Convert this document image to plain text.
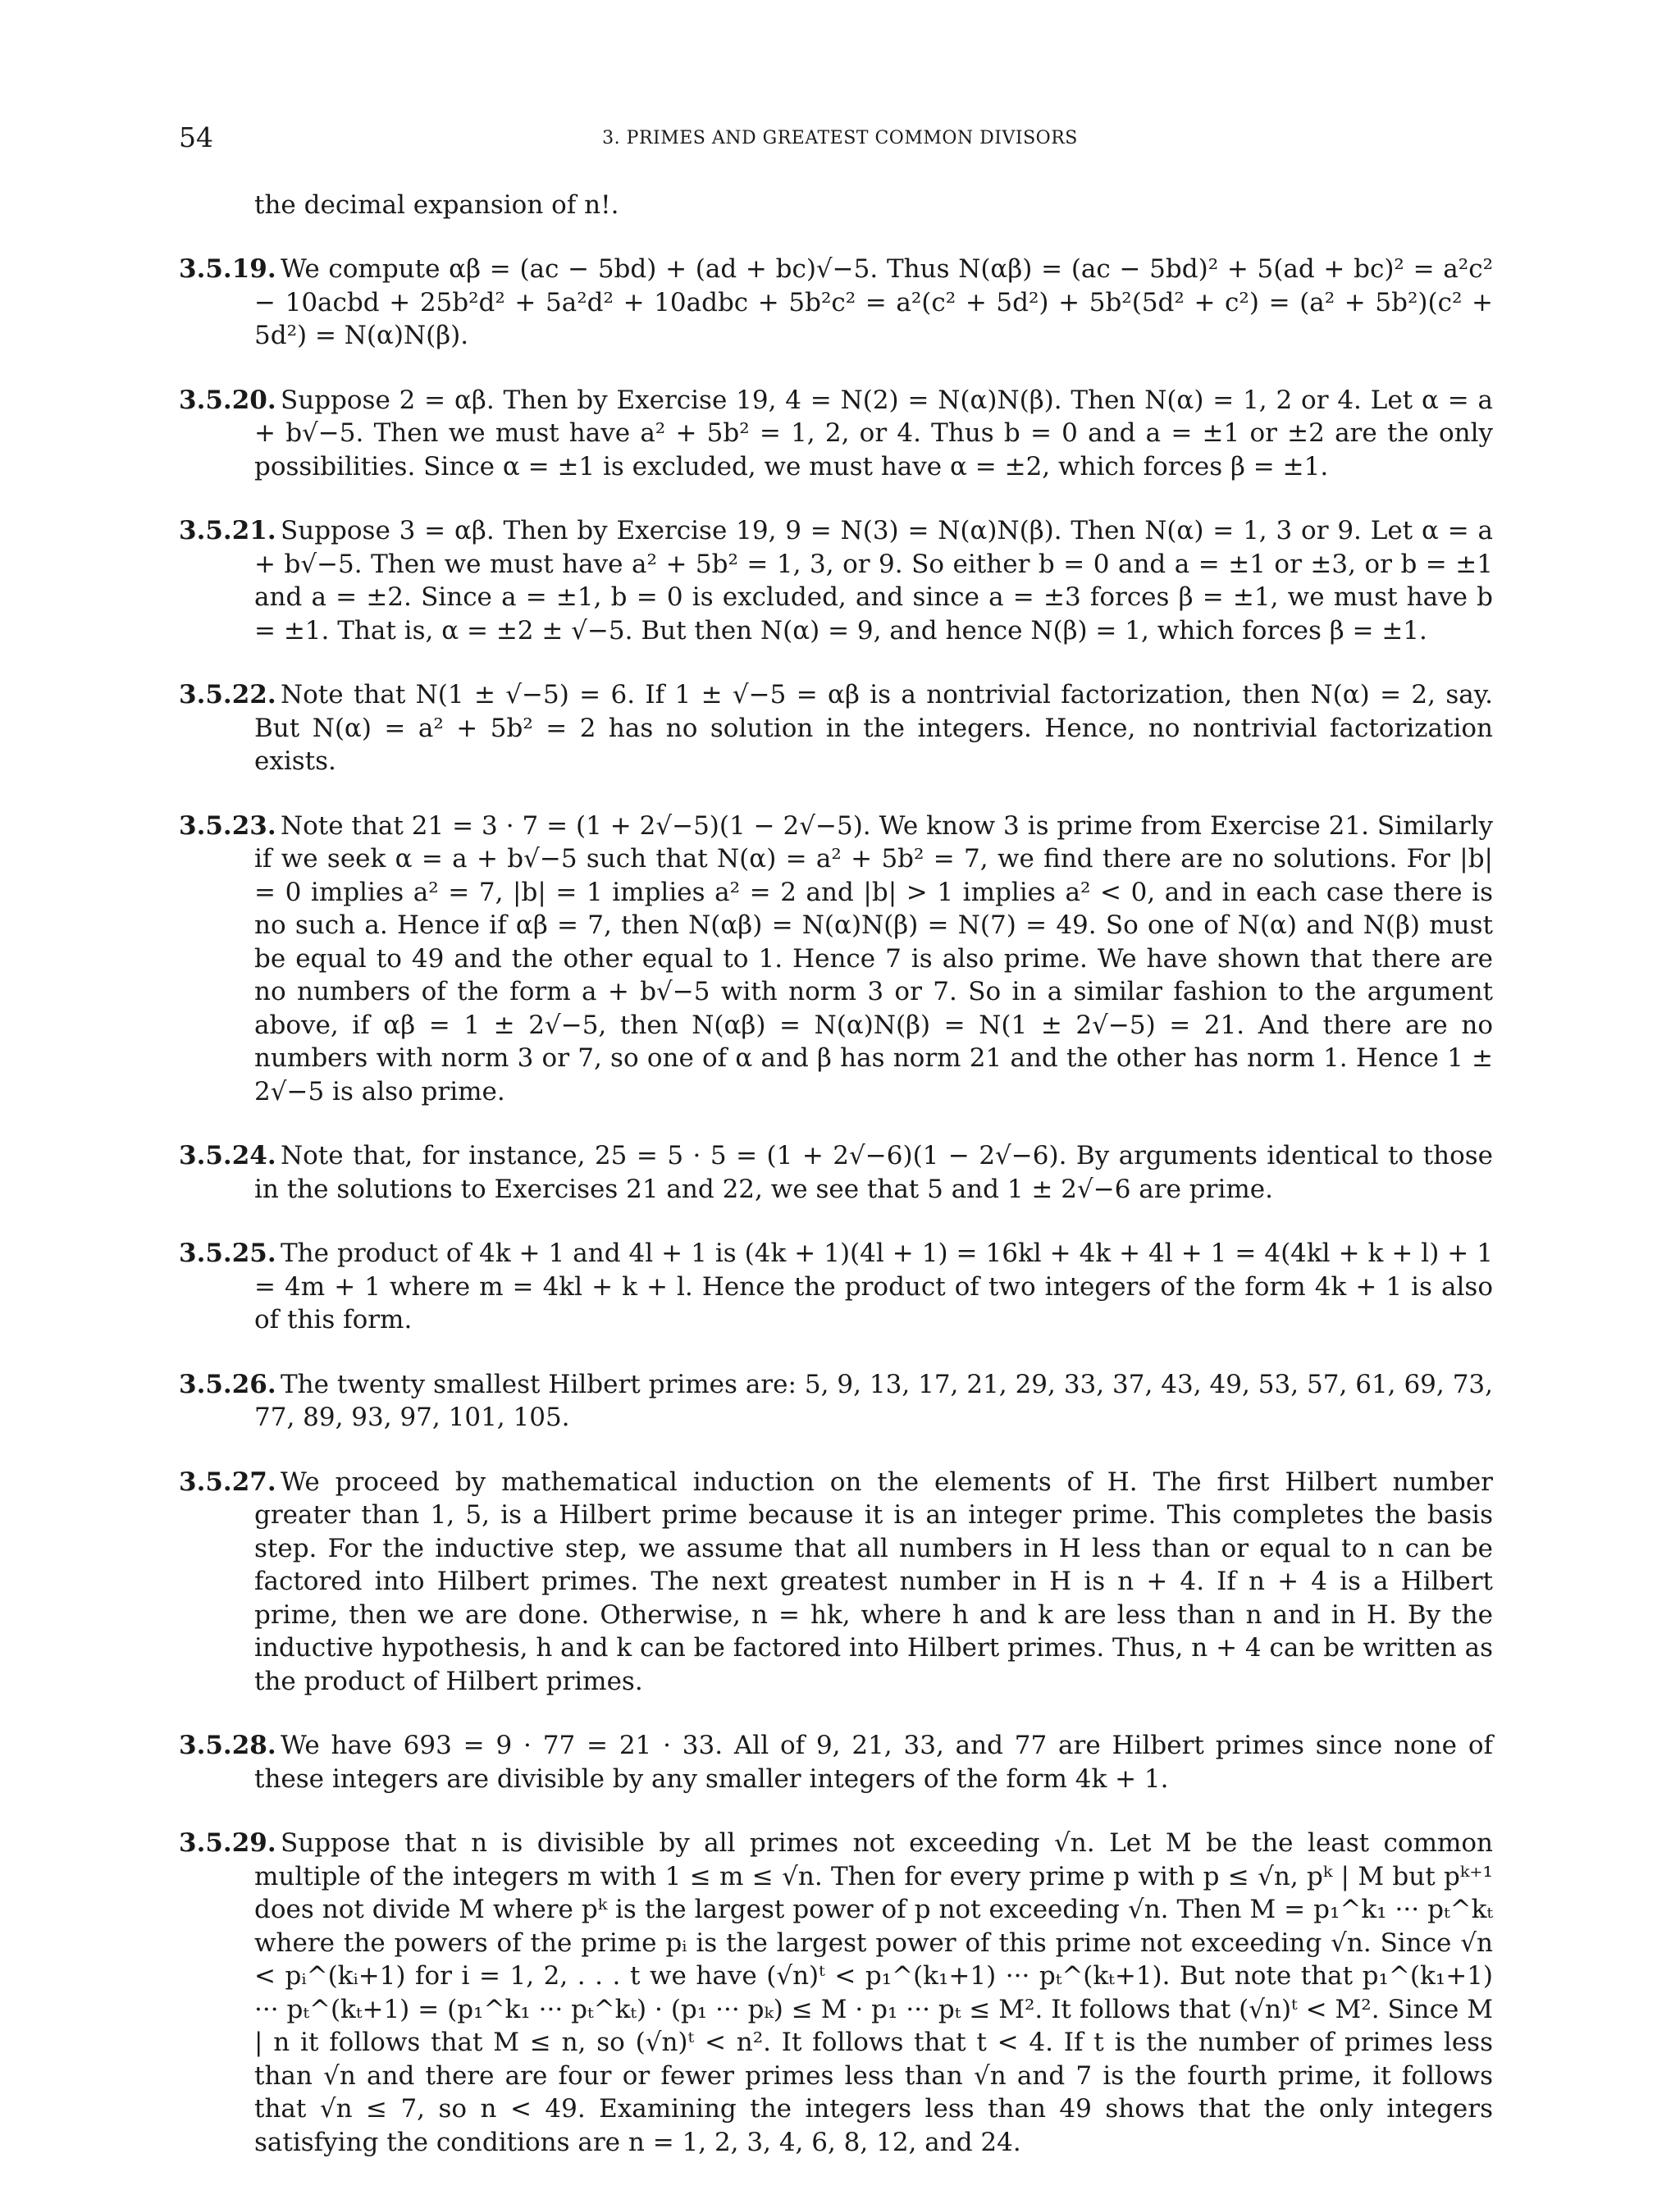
54	3. PRIMES AND GREATEST COMMON DIVISORS
the decimal expansion of n!.
3.5.19. We compute αβ = (ac − 5bd) + (ad + bc)√−5. Thus N(αβ) = (ac − 5bd)² + 5(ad + bc)² = a²c² − 10acbd + 25b²d² + 5a²d² + 10adbc + 5b²c² = a²(c² + 5d²) + 5b²(5d² + c²) = (a² + 5b²)(c² + 5d²) = N(α)N(β).
3.5.20. Suppose 2 = αβ. Then by Exercise 19, 4 = N(2) = N(α)N(β). Then N(α) = 1, 2 or 4. Let α = a + b√−5. Then we must have a² + 5b² = 1, 2, or 4. Thus b = 0 and a = ±1 or ±2 are the only possibilities. Since α = ±1 is excluded, we must have α = ±2, which forces β = ±1.
3.5.21. Suppose 3 = αβ. Then by Exercise 19, 9 = N(3) = N(α)N(β). Then N(α) = 1, 3 or 9. Let α = a + b√−5. Then we must have a² + 5b² = 1, 3, or 9. So either b = 0 and a = ±1 or ±3, or b = ±1 and a = ±2. Since a = ±1, b = 0 is excluded, and since a = ±3 forces β = ±1, we must have b = ±1. That is, α = ±2 ± √−5. But then N(α) = 9, and hence N(β) = 1, which forces β = ±1.
3.5.22. Note that N(1 ± √−5) = 6. If 1 ± √−5 = αβ is a nontrivial factorization, then N(α) = 2, say. But N(α) = a² + 5b² = 2 has no solution in the integers. Hence, no nontrivial factorization exists.
3.5.23. Note that 21 = 3 · 7 = (1 + 2√−5)(1 − 2√−5). We know 3 is prime from Exercise 21. Similarly if we seek α = a + b√−5 such that N(α) = a² + 5b² = 7, we find there are no solutions. For |b| = 0 implies a² = 7, |b| = 1 implies a² = 2 and |b| > 1 implies a² < 0, and in each case there is no such a. Hence if αβ = 7, then N(αβ) = N(α)N(β) = N(7) = 49. So one of N(α) and N(β) must be equal to 49 and the other equal to 1. Hence 7 is also prime. We have shown that there are no numbers of the form a + b√−5 with norm 3 or 7. So in a similar fashion to the argument above, if αβ = 1 ± 2√−5, then N(αβ) = N(α)N(β) = N(1 ± 2√−5) = 21. And there are no numbers with norm 3 or 7, so one of α and β has norm 21 and the other has norm 1. Hence 1 ± 2√−5 is also prime.
3.5.24. Note that, for instance, 25 = 5 · 5 = (1 + 2√−6)(1 − 2√−6). By arguments identical to those in the solutions to Exercises 21 and 22, we see that 5 and 1 ± 2√−6 are prime.
3.5.25. The product of 4k + 1 and 4l + 1 is (4k + 1)(4l + 1) = 16kl + 4k + 4l + 1 = 4(4kl + k + l) + 1 = 4m + 1 where m = 4kl + k + l. Hence the product of two integers of the form 4k + 1 is also of this form.
3.5.26. The twenty smallest Hilbert primes are: 5, 9, 13, 17, 21, 29, 33, 37, 43, 49, 53, 57, 61, 69, 73, 77, 89, 93, 97, 101, 105.
3.5.27. We proceed by mathematical induction on the elements of H. The first Hilbert number greater than 1, 5, is a Hilbert prime because it is an integer prime. This completes the basis step. For the inductive step, we assume that all numbers in H less than or equal to n can be factored into Hilbert primes. The next greatest number in H is n + 4. If n + 4 is a Hilbert prime, then we are done. Otherwise, n = hk, where h and k are less than n and in H. By the inductive hypothesis, h and k can be factored into Hilbert primes. Thus, n + 4 can be written as the product of Hilbert primes.
3.5.28. We have 693 = 9 · 77 = 21 · 33. All of 9, 21, 33, and 77 are Hilbert primes since none of these integers are divisible by any smaller integers of the form 4k + 1.
3.5.29. Suppose that n is divisible by all primes not exceeding √n. Let M be the least common multiple of the integers m with 1 ≤ m ≤ √n. Then for every prime p with p ≤ √n, pᵏ | M but pᵏ⁺¹ does not divide M where pᵏ is the largest power of p not exceeding √n. Then M = p₁^k₁ ··· pₜ^kₜ where the powers of the prime pᵢ is the largest power of this prime not exceeding √n. Since √n < pᵢ^(kᵢ+1) for i = 1, 2, . . . t we have (√n)ᵗ < p₁^(k₁+1) ··· pₜ^(kₜ+1). But note that p₁^(k₁+1) ··· pₜ^(kₜ+1) = (p₁^k₁ ··· pₜ^kₜ) · (p₁ ··· pₖ) ≤ M · p₁ ··· pₜ ≤ M². It follows that (√n)ᵗ < M². Since M | n it follows that M ≤ n, so (√n)ᵗ < n². It follows that t < 4. If t is the number of primes less than √n and there are four or fewer primes less than √n and 7 is the fourth prime, it follows that √n ≤ 7, so n < 49. Examining the integers less than 49 shows that the only integers satisfying the conditions are n = 1, 2, 3, 4, 6, 8, 12, and 24.
